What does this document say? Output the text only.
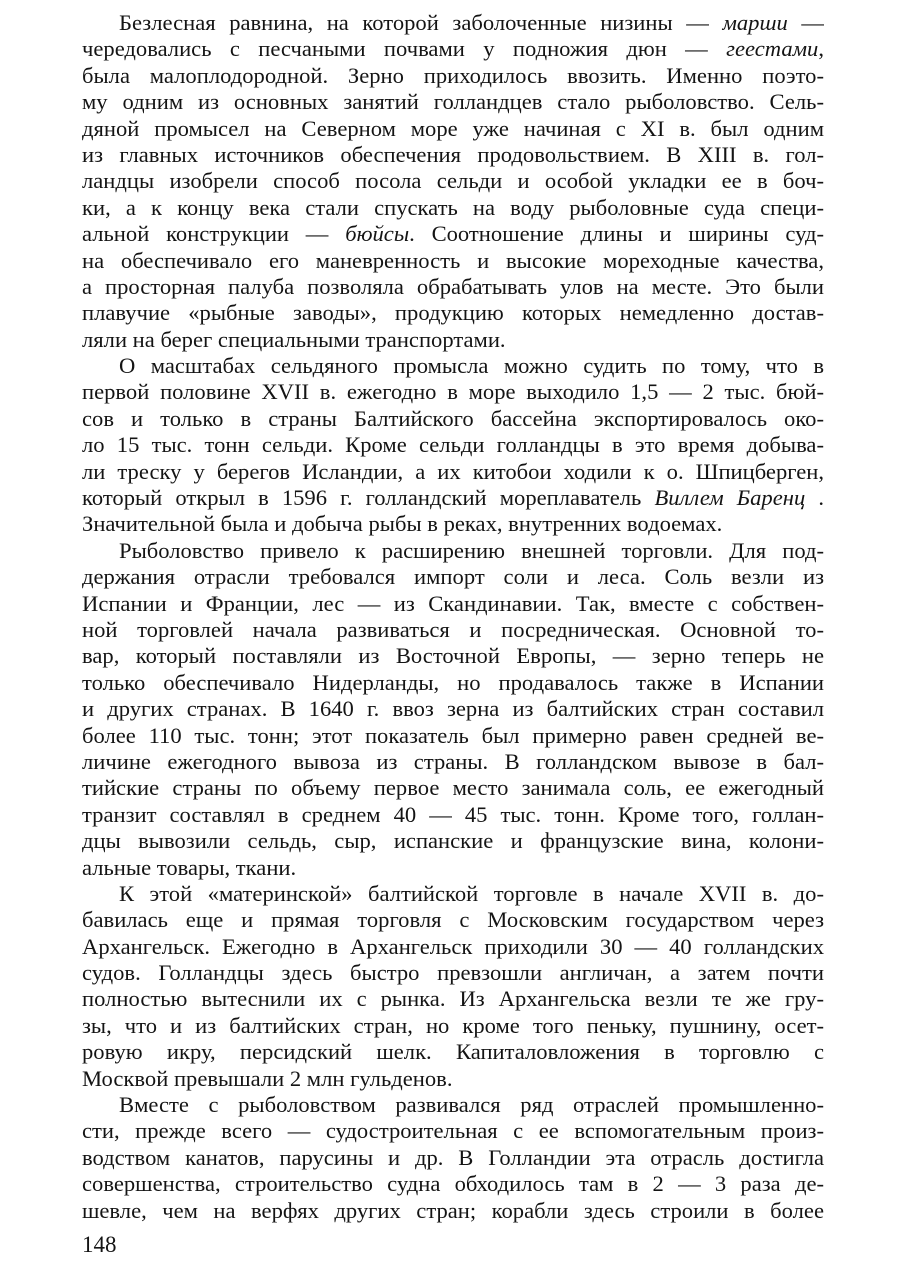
Безлесная равнина, на которой заболоченные низины — марши —
чередовались с песчаными почвами у подножия дюн — геестами,
была малоплодородной. Зерно приходилось ввозить. Именно поэто-
му одним из основных занятий голландцев стало рыболовство. Сель-
дяной промысел на Северном море уже начиная с XI в. был одним
из главных источников обеспечения продовольствием. В XIII в. гол-
ландцы изобрели способ посола сельди и особой укладки ее в боч-
ки, а к концу века стали спускать на воду рыболовные суда специ-
альной конструкции — бюйсы. Соотношение длины и ширины суд-
на обеспечивало его маневренность и высокие мореходные качества,
а просторная палуба позволяла обрабатывать улов на месте. Это были
плавучие «рыбные заводы», продукцию которых немедленно достав-
ляли на берег специальными транспортами.
О масштабах сельдяного промысла можно судить по тому, что в
первой половине XVII в. ежегодно в море выходило 1,5 — 2 тыс. бюй-
сов и только в страны Балтийского бассейна экспортировалось око-
ло 15 тыс. тонн сельди. Кроме сельди голландцы в это время добыва-
ли треску у берегов Исландии, а их китобои ходили к о. Шпицберген,
который открыл в 1596 г. голландский мореплаватель Виллем Баренц .
Значительной была и добыча рыбы в реках, внутренних водоемах.
Рыболовство привело к расширению внешней торговли. Для под-
держания отрасли требовался импорт соли и леса. Соль везли из
Испании и Франции, лес — из Скандинавии. Так, вместе с собствен-
ной торговлей начала развиваться и посредническая. Основной то-
вар, который поставляли из Восточной Европы, — зерно теперь не
только обеспечивало Нидерланды, но продавалось также в Испании
и других странах. В 1640 г. ввоз зерна из балтийских стран составил
более 110 тыс. тонн; этот показатель был примерно равен средней ве-
личине ежегодного вывоза из страны. В голландском вывозе в бал-
тийские страны по объему первое место занимала соль, ее ежегодный
транзит составлял в среднем 40 — 45 тыс. тонн. Кроме того, голлан-
дцы вывозили сельдь, сыр, испанские и французские вина, колони-
альные товары, ткани.
К этой «материнской» балтийской торговле в начале XVII в. до-
бавилась еще и прямая торговля с Московским государством через
Архангельск. Ежегодно в Архангельск приходили 30 — 40 голландских
судов. Голландцы здесь быстро превзошли англичан, а затем почти
полностью вытеснили их с рынка. Из Архангельска везли те же гру-
зы, что и из балтийских стран, но кроме того пеньку, пушнину, осет-
ровую икру, персидский шелк. Капиталовложения в торговлю с
Москвой превышали 2 млн гульденов.
Вместе с рыболовством развивался ряд отраслей промышленно-
сти, прежде всего — судостроительная с ее вспомогательным произ-
водством канатов, парусины и др. В Голландии эта отрасль достигла
совершенства, строительство судна обходилось там в 2 — 3 раза де-
шевле, чем на верфях других стран; корабли здесь строили в более
148
